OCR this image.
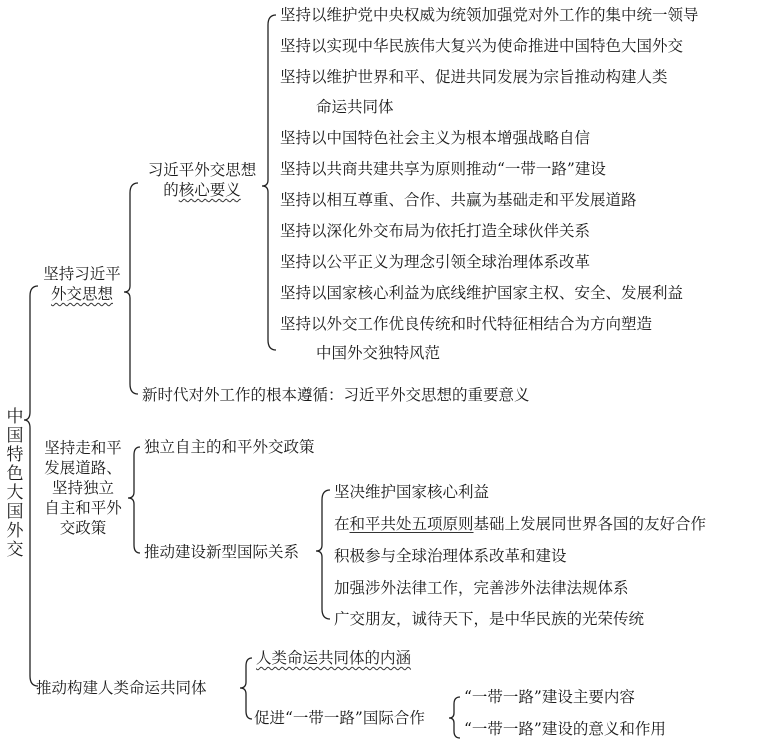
中国特色大国外交
坚持习近平
外交思想
习近平外交思想
的核心要义
坚持以维护党中央权威为统领加强党对外工作的集中统一领导
坚持以实现中华民族伟大复兴为使命推进中国特色大国外交
坚持以维护世界和平、促进共同发展为宗旨推动构建人类
命运共同体
坚持以中国特色社会主义为根本增强战略自信
坚持以共商共建共享为原则推动“一带一路”建设
坚持以相互尊重、合作、共赢为基础走和平发展道路
坚持以深化外交布局为依托打造全球伙伴关系
坚持以公平正义为理念引领全球治理体系改革
坚持以国家核心利益为底线维护国家主权、安全、发展利益
坚持以外交工作优良传统和时代特征相结合为方向塑造
中国外交独特风范
新时代对外工作的根本遵循：习近平外交思想的重要意义
坚持走和平
发展道路、
坚持独立
自主和平外
交政策
独立自主的和平外交政策
推动建设新型国际关系
坚决维护国家核心利益
在和平共处五项原则基础上发展同世界各国的友好合作
积极参与全球治理体系改革和建设
加强涉外法律工作，完善涉外法律法规体系
广交朋友，诚待天下，是中华民族的光荣传统
推动构建人类命运共同体
人类命运共同体的内涵
促进“一带一路”国际合作
“一带一路”建设主要内容
“一带一路”建设的意义和作用
